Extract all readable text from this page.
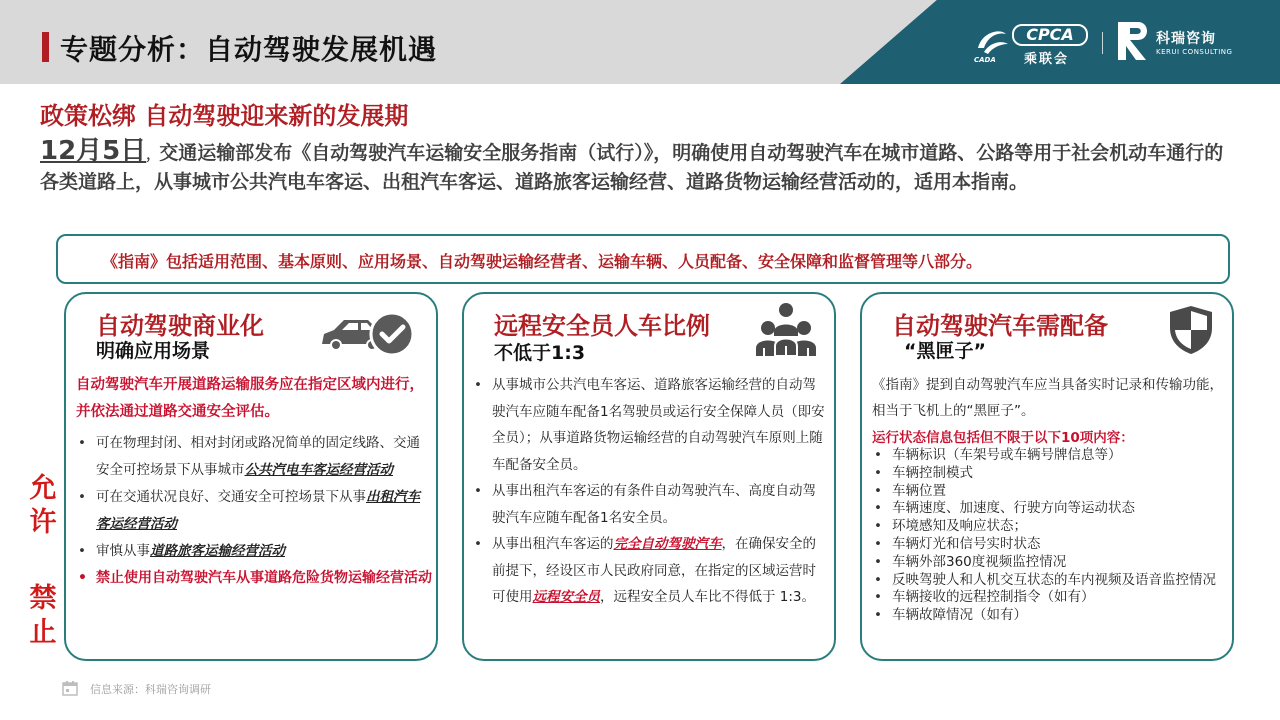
专题分析：自动驾驶发展机遇	CADA
CPCA
乘联会
科瑞咨询
KERUI CONSULTING
政策松绑 自动驾驶迎来新的发展期
12月5日，交通运输部发布《自动驾驶汽车运输安全服务指南（试行）》，明确使用自动驾驶汽车在城市道路、公路等用于社会机动车通行的各类道路上，从事城市公共汽电车客运、出租汽车客运、道路旅客运输经营、道路货物运输经营活动的，适用本指南。
《指南》包括适用范围、基本原则、应用场景、自动驾驶运输经营者、运输车辆、人员配备、安全保障和监督管理等八部分。
允许
禁止
自动驾驶商业化
明确应用场景
自动驾驶汽车开展道路运输服务应在指定区域内进行，并依法通过道路交通安全评估。
• 可在物理封闭、相对封闭或路况简单的固定线路、交通安全可控场景下从事城市公共汽电车客运经营活动
• 可在交通状况良好、交通安全可控场景下从事出租汽车客运经营活动
• 审慎从事道路旅客运输经营活动
• 禁止使用自动驾驶汽车从事道路危险货物运输经营活动
远程安全员人车比例
不低于1:3
• 从事城市公共汽电车客运、道路旅客运输经营的自动驾驶汽车应随车配备1名驾驶员或运行安全保障人员（即安全员）；从事道路货物运输经营的自动驾驶汽车原则上随车配备安全员。
• 从事出租汽车客运的有条件自动驾驶汽车、高度自动驾驶汽车应随车配备1名安全员。
• 从事出租汽车客运的完全自动驾驶汽车，在确保安全的前提下，经设区市人民政府同意，在指定的区域运营时可使用远程安全员，远程安全员人车比不得低于 1:3。
自动驾驶汽车需配备
“黑匣子”
《指南》提到自动驾驶汽车应当具备实时记录和传输功能，相当于飞机上的“黑匣子”。
运行状态信息包括但不限于以下10项内容：
• 车辆标识（车架号或车辆号牌信息等）
• 车辆控制模式
• 车辆位置
• 车辆速度、加速度、行驶方向等运动状态
• 环境感知及响应状态；
• 车辆灯光和信号实时状态
• 车辆外部360度视频监控情况
• 反映驾驶人和人机交互状态的车内视频及语音监控情况
• 车辆接收的远程控制指令（如有）
• 车辆故障情况（如有）
信息来源：科瑞咨询调研
